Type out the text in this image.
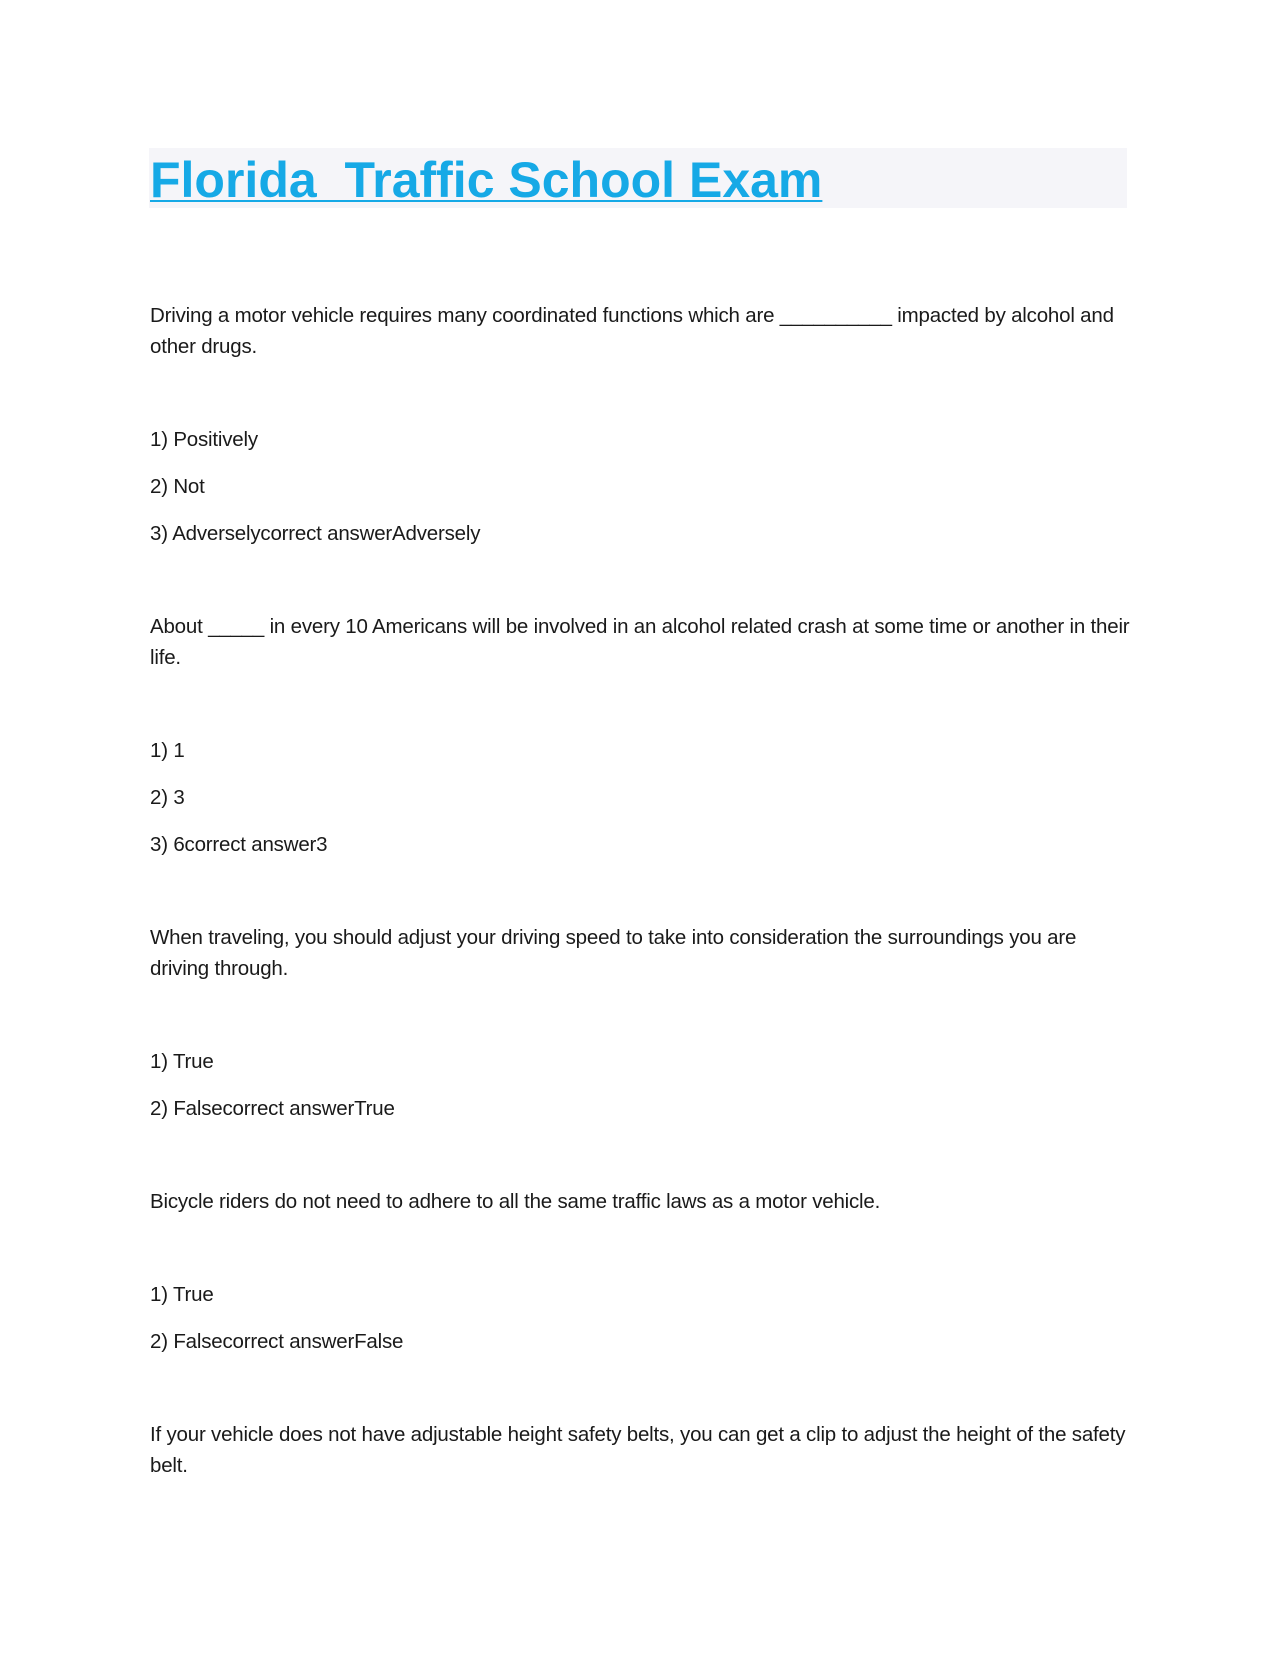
Florida  Traffic School Exam

Driving a motor vehicle requires many coordinated functions which are __________ impacted by alcohol and other drugs.

1) Positively

2) Not

3) Adverselycorrect answerAdversely

About _____ in every 10 Americans will be involved in an alcohol related crash at some time or another in their life.

1) 1

2) 3

3) 6correct answer3

When traveling, you should adjust your driving speed to take into consideration the surroundings you are driving through.

1) True

2) Falsecorrect answerTrue

Bicycle riders do not need to adhere to all the same traffic laws as a motor vehicle.

1) True

2) Falsecorrect answerFalse

If your vehicle does not have adjustable height safety belts, you can get a clip to adjust the height of the safety belt.
